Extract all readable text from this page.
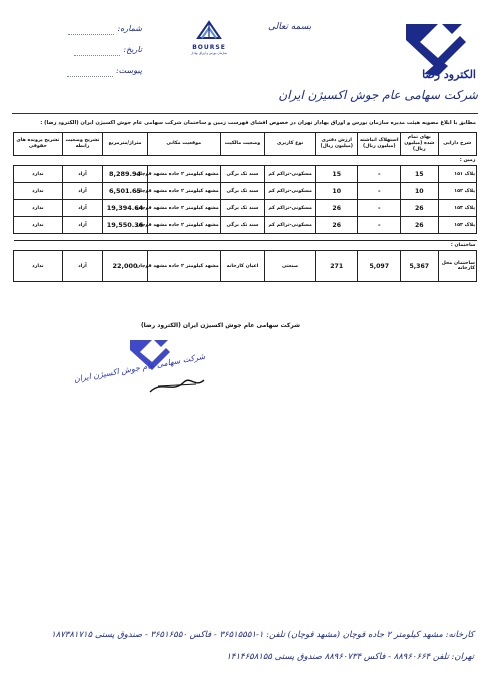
شماره:
تاریخ:
پیوست:
BOURSE
سازمان بورس و اوراق بهادار
بسمه تعالی
الکترود رضا
شرکت سهامی عام جوش اکسیژن ایران
مطابق با ابلاغ مصوبه هیئت مدیره سازمان بورس و اوراق بهادار تهران در خصوص افشای فهرست زمین و ساختمان شرکت سهامی عام جوش اکسیژن ایران (الکترود رضا) :
شرح دارایی	بهای تمام شده (میلیون ریال)	استهلاک انباشته (میلیون ریال)	ارزش دفتری (میلیون ریال)	نوع کاربری	وضعیت مالکیت	موقعیت مکانی	متراژ/مترمربع	تشریح وضعیت رابطه	تشریح پرونده های حقوقی
زمین :									
پلاک ۱۵۱	15	-	15	مسکونی-تراکم کم	سند تک برگی	مشهد کیلومتر ۲ جاده مشهد قوچان	8,289.94	آزاد	ندارد
پلاک ۱۵۲	10	-	10	مسکونی-تراکم کم	سند تک برگی	مشهد کیلومتر ۲ جاده مشهد قوچان	6,501.65	آزاد	ندارد
پلاک ۱۵۳	26	-	26	مسکونی-تراکم کم	سند تک برگی	مشهد کیلومتر ۲ جاده مشهد قوچان	19,394.64	آزاد	ندارد
پلاک ۱۵۴	26	-	26	مسکونی-تراکم کم	سند تک برگی	مشهد کیلومتر ۲ جاده مشهد قوچان	19,550.36	آزاد	ندارد

ساختمان :									
ساختمان محل کارخانه	5,367	5,097	271	صنعتی	اعیان کارخانه	مشهد کیلومتر ۲ جاده مشهد قوچان	22,000	آزاد	ندارد
شرکت سهامی عام جوش اکسیژن ایران (الکترود رضا)
شرکت سهامی عام جوش اکسیژن ایران
کارخانه: مشهد کیلومتر ۲ جاده قوچان (مشهد قوچان) تلفن: ۱-۳۶۵۱۵۵۵۱ - فاکس ۳۶۵۱۶۵۵۰ - صندوق پستی ۱۸۷۳۸۱۷۱۵
تهران: تلفن ۸۸۹۶۰۶۶۴ - فاکس ۸۸۹۶۰۷۳۴ صندوق پستی ۱۴۱۴۶۵۸۱۵۵
